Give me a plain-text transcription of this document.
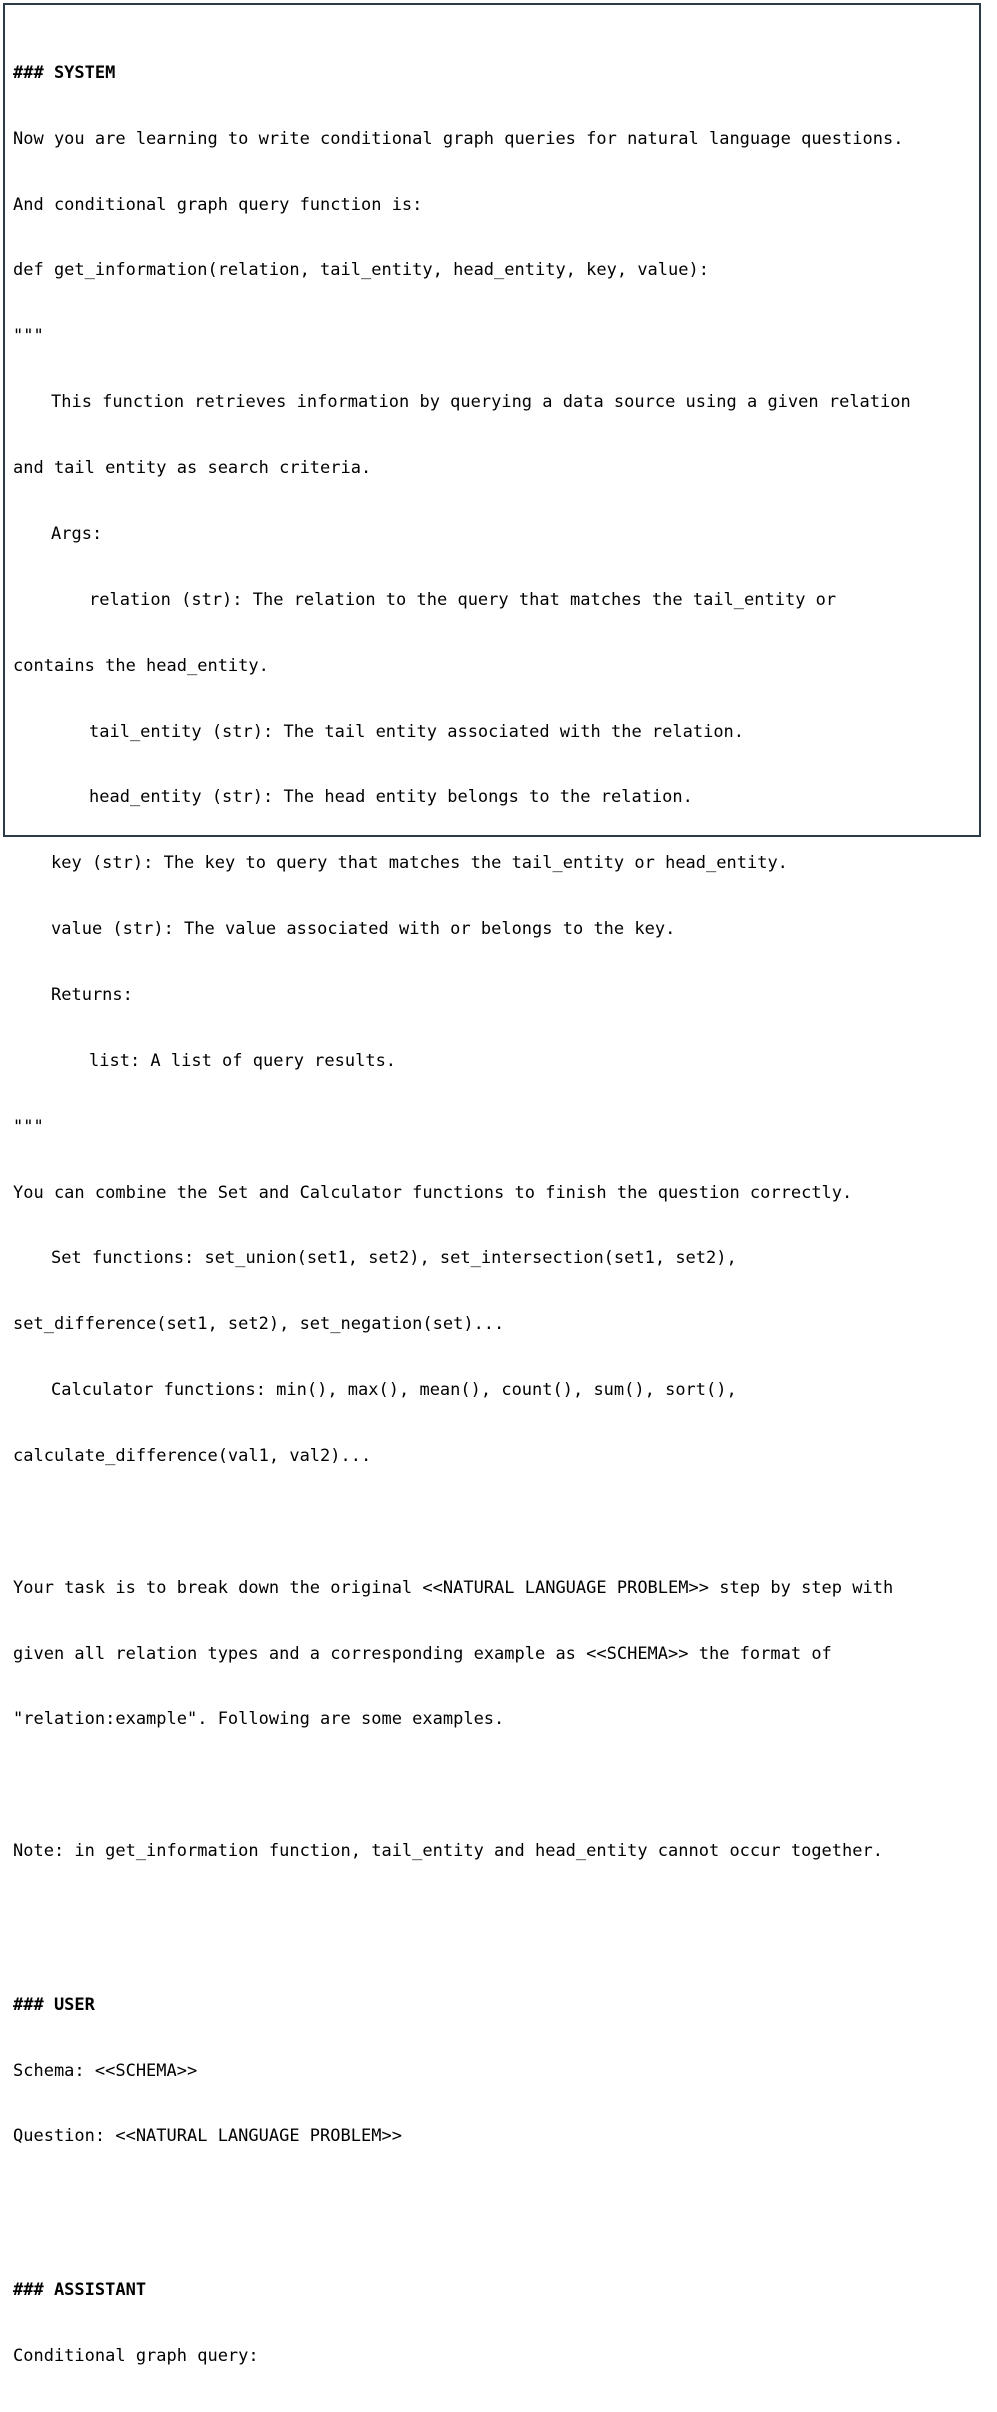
### SYSTEM

Now you are learning to write conditional graph queries for natural language questions.

And conditional graph query function is:

def get_information(relation, tail_entity, head_entity, key, value):

"""

This function retrieves information by querying a data source using a given relation

and tail entity as search criteria.

Args:

relation (str): The relation to the query that matches the tail_entity or

contains the head_entity.

tail_entity (str): The tail entity associated with the relation.

head_entity (str): The head entity belongs to the relation.

key (str): The key to query that matches the tail_entity or head_entity.

value (str): The value associated with or belongs to the key.

Returns:

list: A list of query results.

"""

You can combine the Set and Calculator functions to finish the question correctly.

Set functions: set_union(set1, set2), set_intersection(set1, set2),

set_difference(set1, set2), set_negation(set)...

Calculator functions: min(), max(), mean(), count(), sum(), sort(),

calculate_difference(val1, val2)...

Your task is to break down the original <<NATURAL LANGUAGE PROBLEM>> step by step with

given all relation types and a corresponding example as <<SCHEMA>> the format of

"relation:example". Following are some examples.

Note: in get_information function, tail_entity and head_entity cannot occur together.

### USER

Schema: <<SCHEMA>>

Question: <<NATURAL LANGUAGE PROBLEM>>

### ASSISTANT

Conditional graph query:
